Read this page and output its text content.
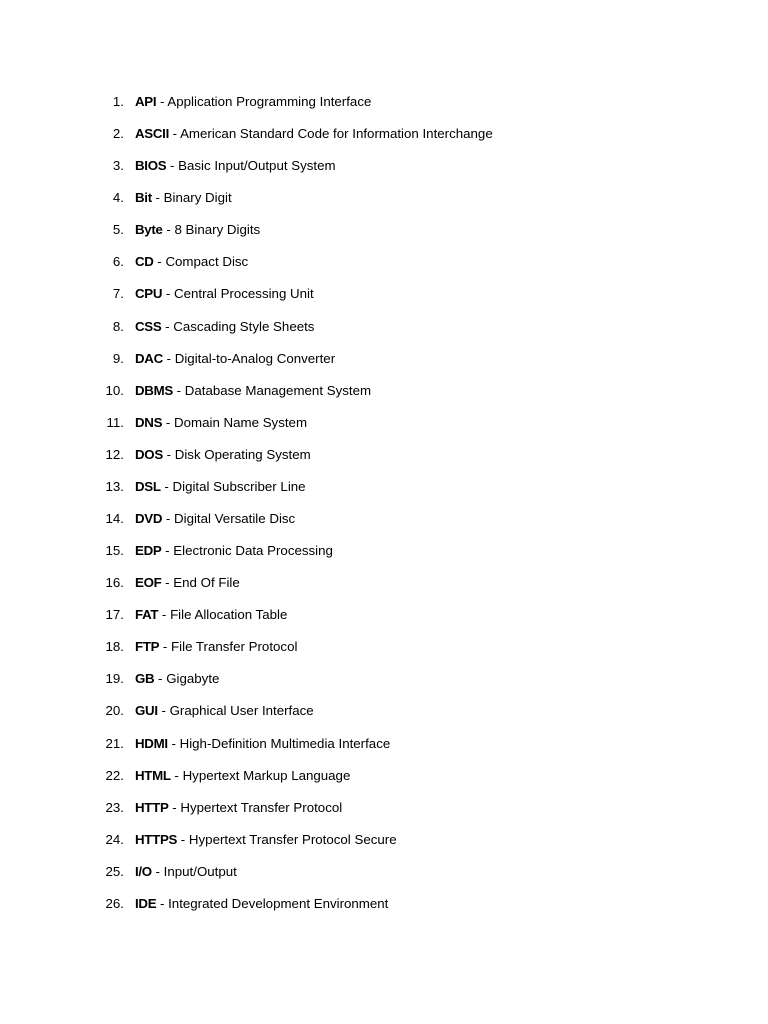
1. API - Application Programming Interface
2. ASCII - American Standard Code for Information Interchange
3. BIOS - Basic Input/Output System
4. Bit - Binary Digit
5. Byte - 8 Binary Digits
6. CD - Compact Disc
7. CPU - Central Processing Unit
8. CSS - Cascading Style Sheets
9. DAC - Digital-to-Analog Converter
10. DBMS - Database Management System
11. DNS - Domain Name System
12. DOS - Disk Operating System
13. DSL - Digital Subscriber Line
14. DVD - Digital Versatile Disc
15. EDP - Electronic Data Processing
16. EOF - End Of File
17. FAT - File Allocation Table
18. FTP - File Transfer Protocol
19. GB - Gigabyte
20. GUI - Graphical User Interface
21. HDMI - High-Definition Multimedia Interface
22. HTML - Hypertext Markup Language
23. HTTP - Hypertext Transfer Protocol
24. HTTPS - Hypertext Transfer Protocol Secure
25. I/O - Input/Output
26. IDE - Integrated Development Environment
